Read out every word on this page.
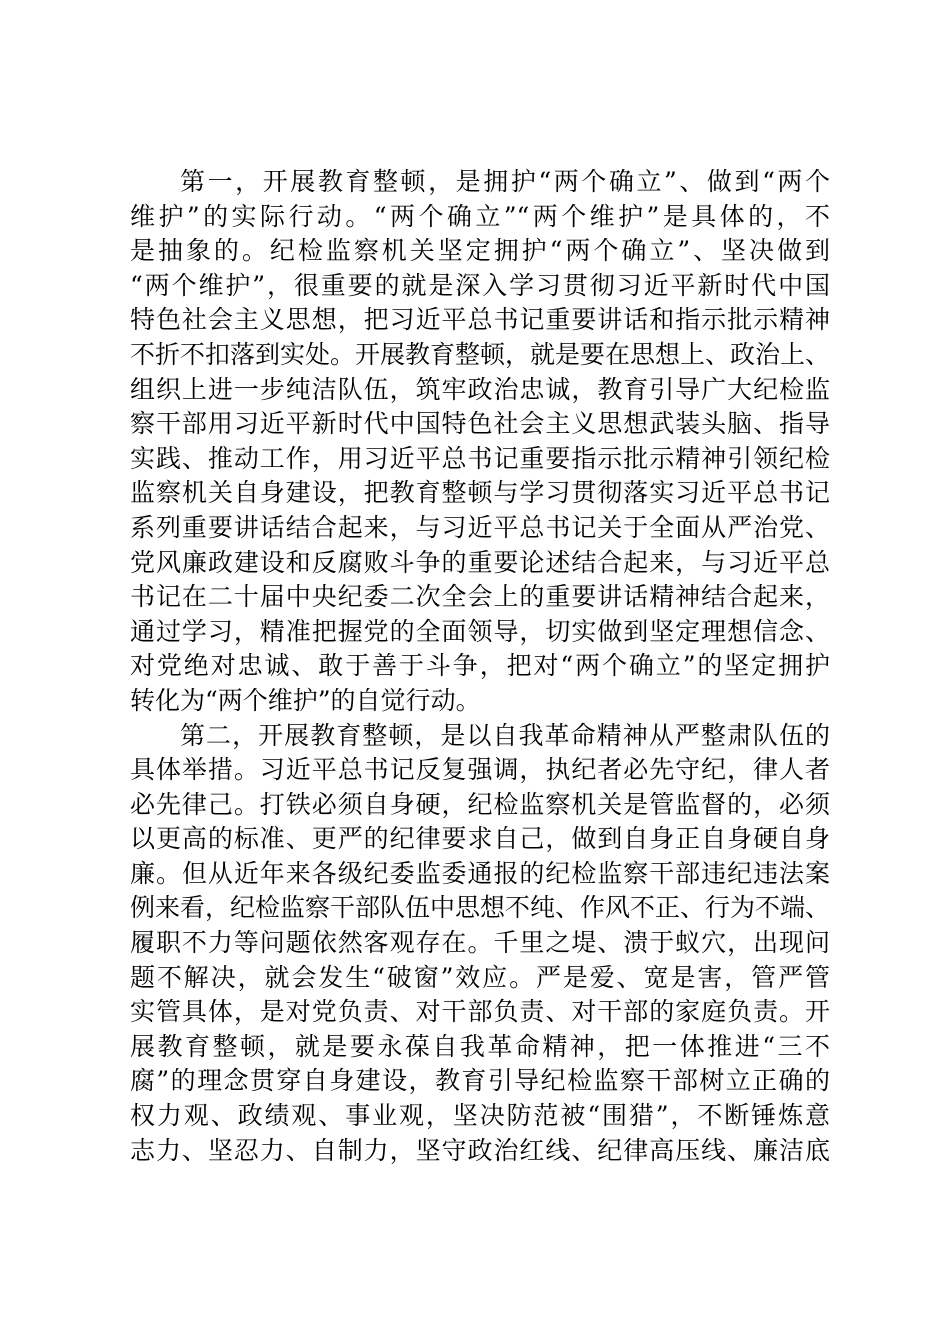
第一，开展教育整顿，是拥护“两个确立”、做到“两个
维护”的实际行动。“两个确立”“两个维护”是具体的，不
是抽象的。纪检监察机关坚定拥护“两个确立”、坚决做到
“两个维护”，很重要的就是深入学习贯彻习近平新时代中国
特色社会主义思想，把习近平总书记重要讲话和指示批示精神
不折不扣落到实处。开展教育整顿，就是要在思想上、政治上、
组织上进一步纯洁队伍，筑牢政治忠诚，教育引导广大纪检监
察干部用习近平新时代中国特色社会主义思想武装头脑、指导
实践、推动工作，用习近平总书记重要指示批示精神引领纪检
监察机关自身建设，把教育整顿与学习贯彻落实习近平总书记
系列重要讲话结合起来，与习近平总书记关于全面从严治党、
党风廉政建设和反腐败斗争的重要论述结合起来，与习近平总
书记在二十届中央纪委二次全会上的重要讲话精神结合起来，
通过学习，精准把握党的全面领导，切实做到坚定理想信念、
对党绝对忠诚、敢于善于斗争，把对“两个确立”的坚定拥护
转化为“两个维护”的自觉行动。
第二，开展教育整顿，是以自我革命精神从严整肃队伍的
具体举措。习近平总书记反复强调，执纪者必先守纪，律人者
必先律己。打铁必须自身硬，纪检监察机关是管监督的，必须
以更高的标准、更严的纪律要求自己，做到自身正自身硬自身
廉。但从近年来各级纪委监委通报的纪检监察干部违纪违法案
例来看，纪检监察干部队伍中思想不纯、作风不正、行为不端、
履职不力等问题依然客观存在。千里之堤、溃于蚁穴，出现问
题不解决，就会发生“破窗”效应。严是爱、宽是害，管严管
实管具体，是对党负责、对干部负责、对干部的家庭负责。开
展教育整顿，就是要永葆自我革命精神，把一体推进“三不
腐”的理念贯穿自身建设，教育引导纪检监察干部树立正确的
权力观、政绩观、事业观，坚决防范被“围猎”，不断锤炼意
志力、坚忍力、自制力，坚守政治红线、纪律高压线、廉洁底
